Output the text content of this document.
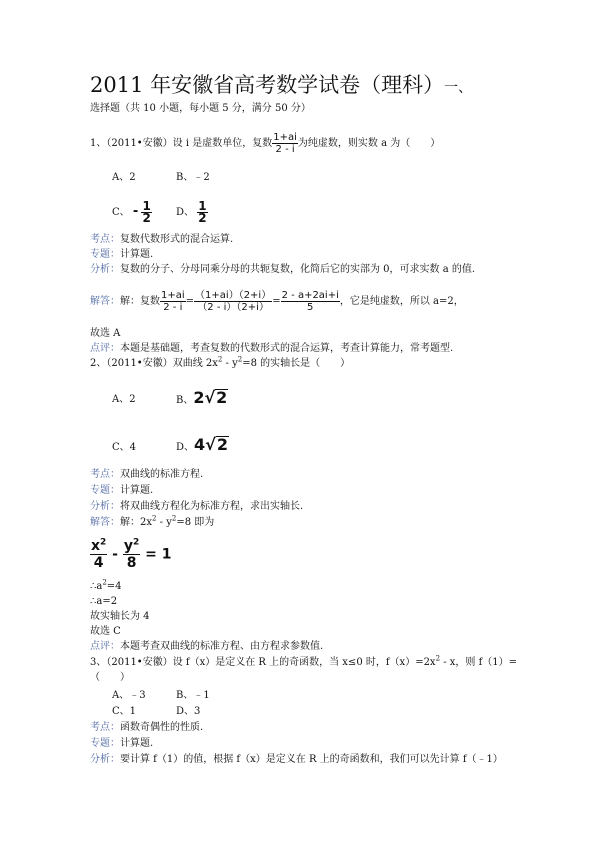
2011 年安徽省高考数学试卷（理科）一、
选择题（共 10 小题，每小题 5 分，满分 50 分）
1、（2011•安徽）设 i 是虚数单位，复数 $\frac{1+ai}{2 - i}$ 为纯虚数，则实数 a 为（　　）
A、2	B、﹣2
C、 - $\frac{1}{2}$ D、 $\frac{1}{2}$
考点：复数代数形式的混合运算.
专题：计算题.
分析：复数的分子、分母同乘分母的共轭复数，化简后它的实部为 0，可求实数 a 的值.
解答：解：复数 $\frac{1+ai}{2 - i} = \frac{(1+ai)(2+i)}{(2 - i)(2+i)} = \frac{2 - a+2ai+i}{5}$ ，它是纯虚数，所以 a=2，
故选 A
点评：本题是基础题，考查复数的代数形式的混合运算，考查计算能力，常考题型.
2、（2011•安徽）双曲线 $2x^2 - y^2=8$ 的实轴长是（　　）
A、2	B、2√2
C、4	D、4√2
考点：双曲线的标准方程.
专题：计算题.
分析：将双曲线方程化为标准方程，求出实轴长.
解答：解：$2x^2 - y^2=8$ 即为
$\frac{x^2}{4} - \frac{y^2}{8} = 1$
$\therefore a^2=4$
∴a=2
故实轴长为 4
故选 C
点评：本题考查双曲线的标准方程、由方程求参数值.
3、（2011•安徽）设 f（x）是定义在 R 上的奇函数，当 x≤0 时，$f(x)=2x^2 - x$，则 f（1）=
（　　）
A、﹣3	B、﹣1
C、1	D、3
考点：函数奇偶性的性质.
专题：计算题.
分析：要计算 f（1）的值，根据 f（x）是定义在 R 上的奇函数和，我们可以先计算 f（﹣1）
